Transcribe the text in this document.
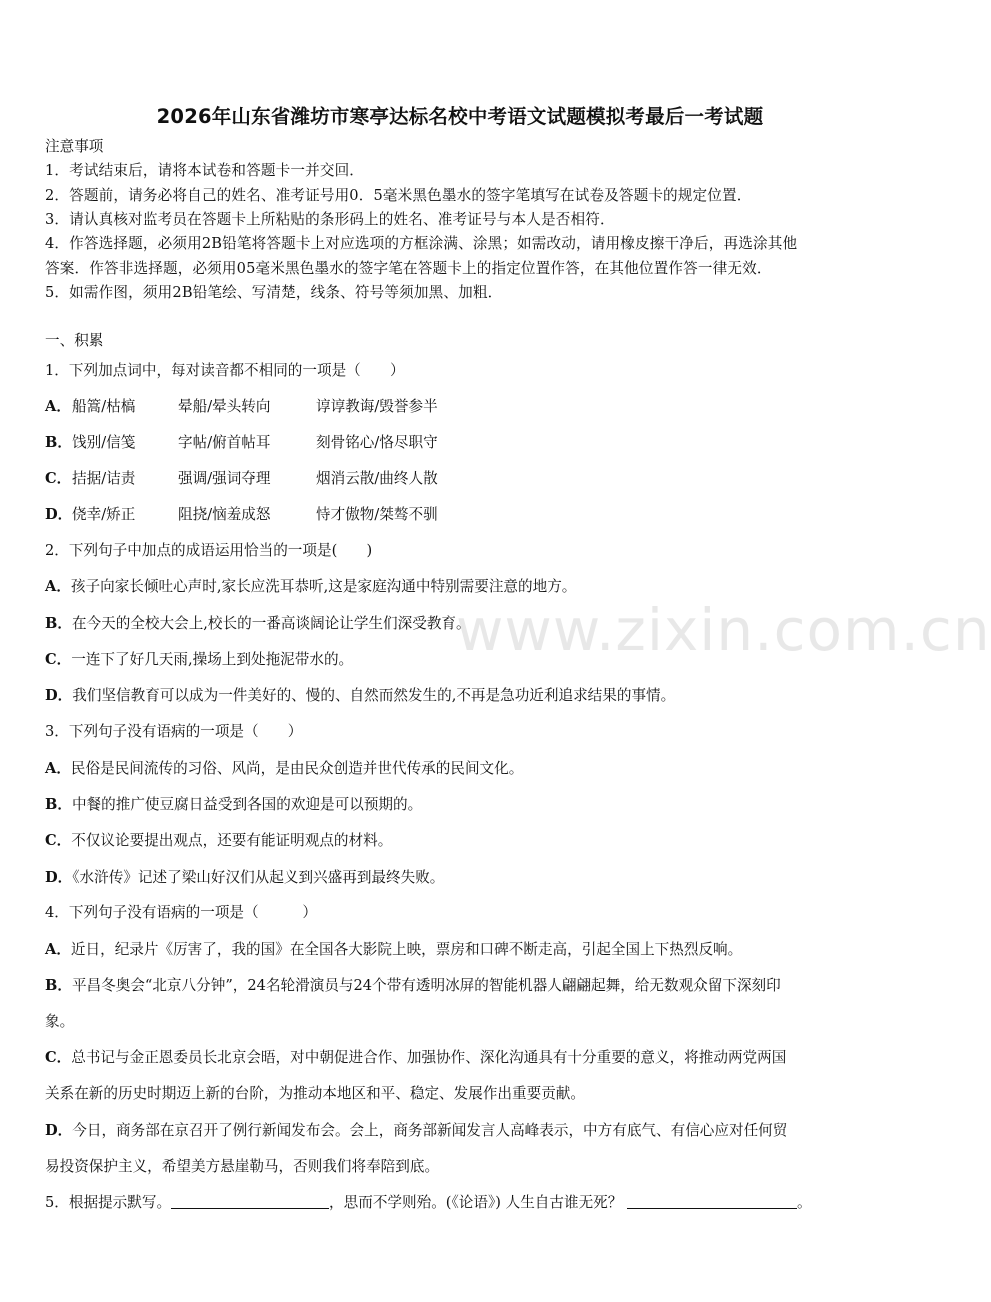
2026年山东省潍坊市寒亭达标名校中考语文试题模拟考最后一考试题
注意事项
1．考试结束后，请将本试卷和答题卡一并交回．
2．答题前，请务必将自己的姓名、准考证号用0．5毫米黑色墨水的签字笔填写在试卷及答题卡的规定位置．
3．请认真核对监考员在答题卡上所粘贴的条形码上的姓名、准考证号与本人是否相符．
4．作答选择题，必须用2B铅笔将答题卡上对应选项的方框涂满、涂黑；如需改动，请用橡皮擦干净后，再选涂其他
答案．作答非选择题，必须用05毫米黑色墨水的签字笔在答题卡上的指定位置作答，在其他位置作答一律无效．
5．如需作图，须用2B铅笔绘、写清楚，线条、符号等须加黑、加粗．
一、积累
1．下列加点词中，每对读音都不相同的一项是（　　）
A． 船篙/枯槁	晕船/晕头转向	谆谆教诲/毁誉参半
B． 饯别/信笺	字帖/俯首帖耳	刻骨铭心/恪尽职守
C． 拮据/诘责	强调/强词夺理	烟消云散/曲终人散
D． 侥幸/矫正	阻挠/恼羞成怒	恃才傲物/桀骜不驯
2．下列句子中加点的成语运用恰当的一项是(　　)
A．孩子向家长倾吐心声时,家长应洗耳恭听,这是家庭沟通中特别需要注意的地方。
B．在今天的全校大会上,校长的一番高谈阔论让学生们深受教育。
C．一连下了好几天雨,操场上到处拖泥带水的。
D．我们坚信教育可以成为一件美好的、慢的、自然而然发生的,不再是急功近利追求结果的事情。
3．下列句子没有语病的一项是（　　）
A．民俗是民间流传的习俗、风尚，是由民众创造并世代传承的民间文化。
B．中餐的推广使豆腐日益受到各国的欢迎是可以预期的。
C．不仅议论要提出观点，还要有能证明观点的材料。
D．《水浒传》记述了梁山好汉们从起义到兴盛再到最终失败。
4．下列句子没有语病的一项是（　　　）
A．近日，纪录片《厉害了，我的国》在全国各大影院上映，票房和口碑不断走高，引起全国上下热烈反响。
B．平昌冬奥会“北京八分钟”，24名轮滑演员与24个带有透明冰屏的智能机器人翩翩起舞，给无数观众留下深刻印
象。
C．总书记与金正恩委员长北京会晤，对中朝促进合作、加强协作、深化沟通具有十分重要的意义，将推动两党两国
关系在新的历史时期迈上新的台阶，为推动本地区和平、稳定、发展作出重要贡献。
D．今日，商务部在京召开了例行新闻发布会。会上，商务部新闻发言人高峰表示，中方有底气、有信心应对任何贸
易投资保护主义，希望美方悬崖勒马，否则我们将奉陪到底。
5．根据提示默写。	，思而不学则殆。(《论语》) 人生自古谁无死？	。
www.zixin.com.cn
